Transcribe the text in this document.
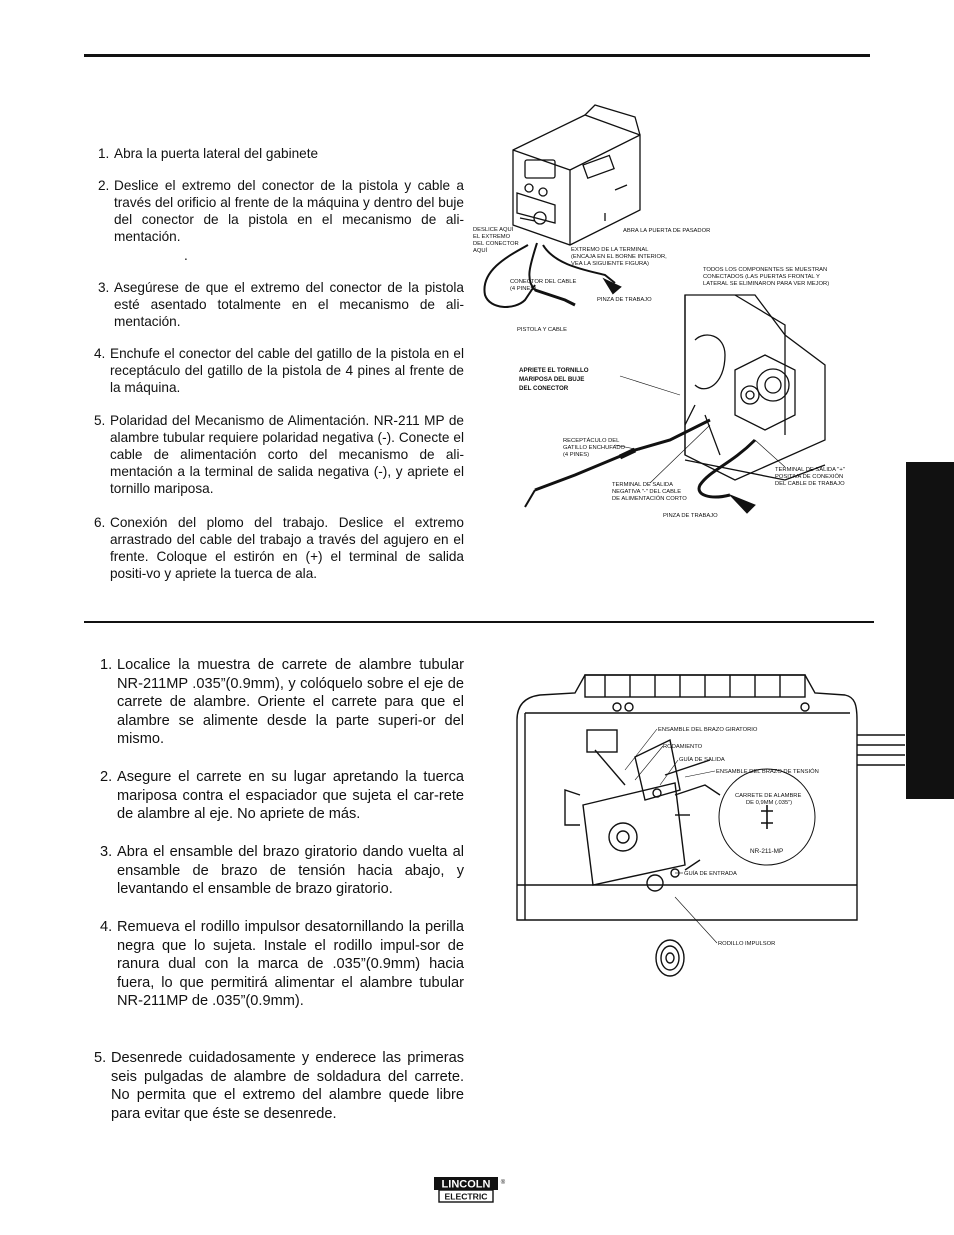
1. Abra la puerta lateral del gabinete

2. Deslice el extremo del conector de la pistola y cable a través del orificio al frente de la máquina y dentro del buje del conector de la pistola en el mecanismo de ali-mentación.

.

3. Asegúrese de que el extremo del conector de la pistola esté asentado totalmente en el mecanismo de ali-mentación.

4. Enchufe el conector del cable del gatillo de la pistola en el receptáculo del gatillo de la pistola de 4 pines al frente de la máquina.

5. Polaridad del Mecanismo de Alimentación. NR-211 MP de alambre tubular requiere polaridad negativa (-). Conecte el cable de alimentación corto del mecanismo de ali-mentación a la terminal de salida negativa (-), y apriete el tornillo mariposa.

6. Conexión del plomo del trabajo. Deslice el extremo arrastrado del cable del trabajo a través del agujero en el frente. Coloque el estirón en (+) el terminal de salida positi-vo y apriete la tuerca de ala.

DESLICE AQUÍ
EL EXTREMO
DEL CONECTOR
AQUÍ
ABRA LA PUERTA DE PASADOR
EXTREMO DE LA TERMINAL
(ENCAJA EN EL BORNE INTERIOR,
VEA LA SIGUIENTE FIGURA)
TODOS LOS COMPONENTES SE MUESTRAN
CONECTADOS (LAS PUERTAS FRONTAL Y
LATERAL SE ELIMINARON PARA VER MEJOR)
CONECTOR DEL CABLE
(4 PINES)
PINZA DE TRABAJO
PISTOLA Y CABLE
APRIETE EL TORNILLO
MARIPOSA DEL BUJE
DEL CONECTOR
RECEPTÁCULO DEL
GATILLO ENCHUFADO
(4 PINES)
TERMINAL DE SALIDA "+"
POSITIVA DE CONEXIÓN
DEL CABLE DE TRABAJO
TERMINAL DE SALIDA
NEGATIVA "-" DEL CABLE
DE ALIMENTACIÓN CORTO
PINZA DE TRABAJO

1. Localice la muestra de carrete de alambre tubular NR-211MP .035”(0.9mm), y colóquelo sobre el eje de carrete de alambre. Oriente el carrete para que el alambre se alimente desde la parte superi-or del mismo.

2. Asegure el carrete en su lugar apretando la tuerca mariposa contra el espaciador que sujeta el car-rete de alambre al eje. No apriete de más.

3. Abra el ensamble del brazo giratorio dando vuelta al ensamble de brazo de tensión hacia abajo, y levantando el ensamble de brazo giratorio.

4. Remueva el rodillo impulsor desatornillando la perilla negra que lo sujeta. Instale el rodillo impul-sor de ranura dual con la marca de .035”(0.9mm) hacia fuera, lo que permitirá alimentar el alambre tubular NR-211MP de .035”(0.9mm).

5. Desenrede cuidadosamente y enderece las primeras seis pulgadas de alambre de soldadura del carrete. No permita que el extremo del alambre quede libre para evitar que éste se desenrede.

ENSAMBLE DEL BRAZO GIRATORIO
RODAMIENTO
GUÍA DE SALIDA
ENSAMBLE DEL BRAZO DE TENSIÓN
CARRETE DE ALAMBRE
DE 0,9MM (.035”)
NR-211-MP
GUÍA DE ENTRADA
RODILLO IMPULSOR
LINCOLN
ELECTRIC
®
